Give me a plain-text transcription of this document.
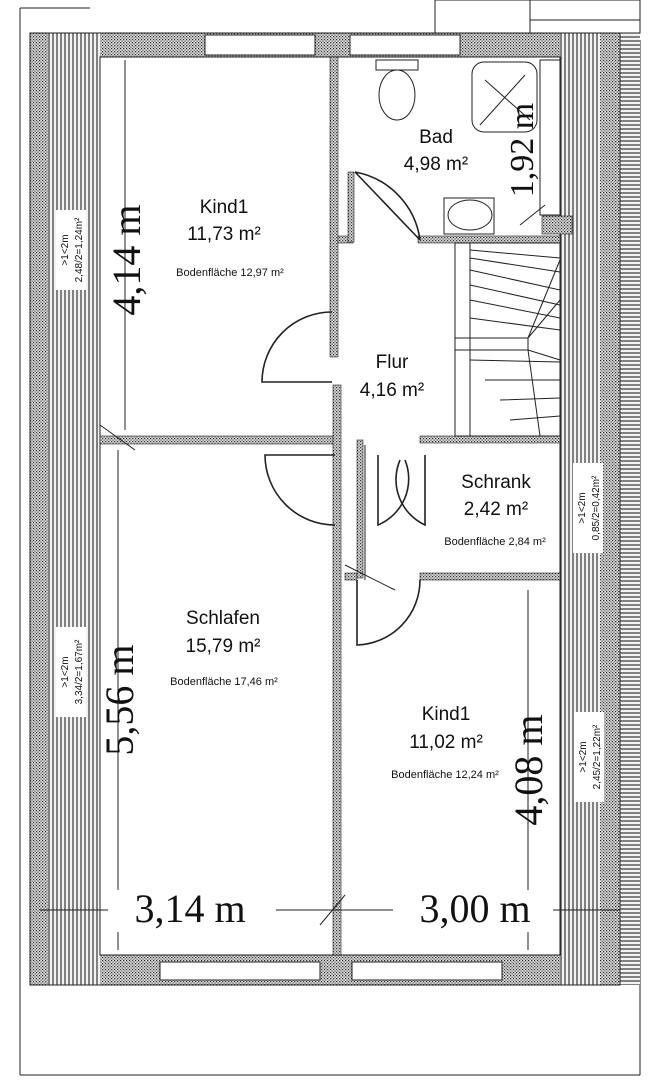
4,14 m
5,56 m
4,08 m
1,92 m
3,14 m	3,00 m
Kind1
11,73 m²
Bodenfläche 12,97 m²
Bad
4,98 m²
Flur
4,16 m²
Schrank
2,42 m²
Bodenfläche 2,84 m²
Schlafen
15,79 m²
Bodenfläche 17,46 m²
Kind1
11,02 m²
Bodenfläche 12,24 m²
>1<2m 2,48/2=1,24m²
>1<2m 3,34/2=1,67m²
>1<2m 0,85/2=0,42m²
>1<2m 2,45/2=1,22m²
